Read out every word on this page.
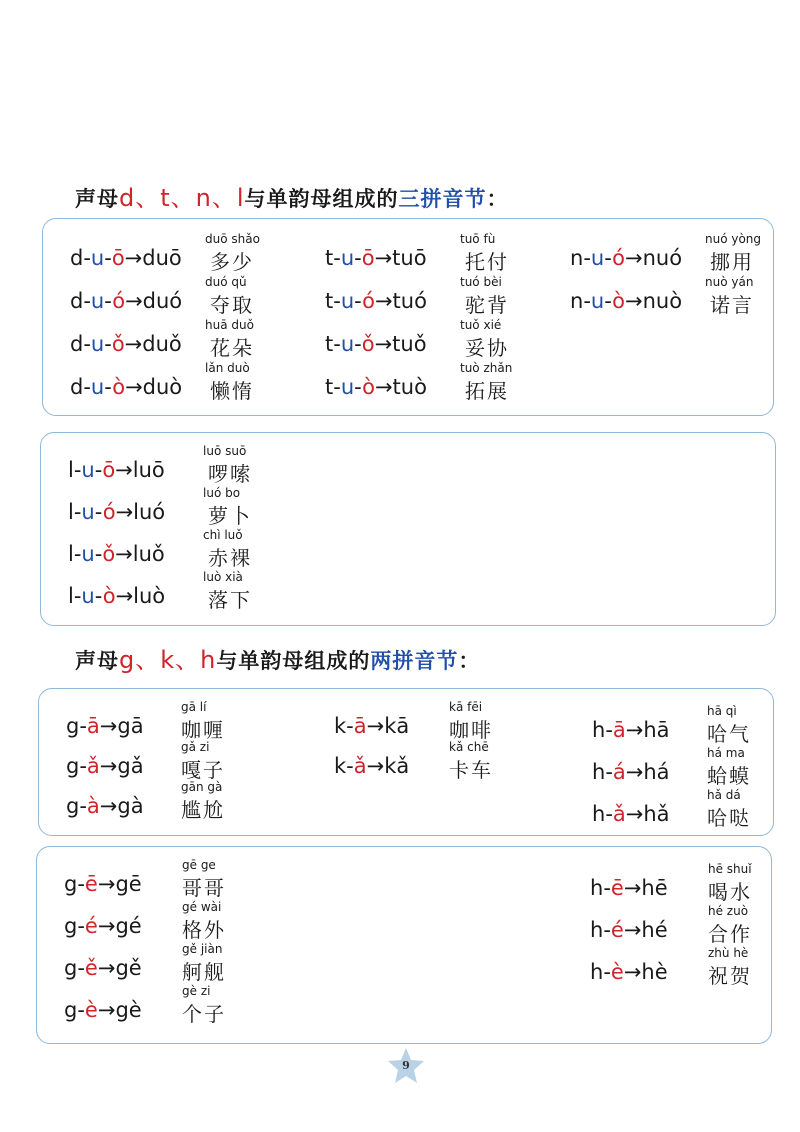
声母d、t、n、l与单韵母组成的三拼音节：
声母g、k、h与单韵母组成的两拼音节：
9
d-u-ō→duō
duō shǎo
多少
d-u-ó→duó
duó qǔ
夺取
d-u-ǒ→duǒ
huā duǒ
花朵
d-u-ò→duò
lǎn duò
懒惰
t-u-ō→tuō
tuō fù
托付
t-u-ó→tuó
tuó bèi
驼背
t-u-ǒ→tuǒ
tuǒ xié
妥协
t-u-ò→tuò
tuò zhǎn
拓展
n-u-ó→nuó
nuó yòng
挪用
n-u-ò→nuò
nuò yán
诺言
l-u-ō→luō
luō suō
啰嗦
l-u-ó→luó
luó bo
萝卜
l-u-ǒ→luǒ
chì luǒ
赤裸
l-u-ò→luò
luò xià
落下
g-ā→gā
gā lí
咖喱
g-ǎ→gǎ
gǎ zi
嘎子
g-à→gà
gān gà
尴尬
k-ā→kā
kā fēi
咖啡
k-ǎ→kǎ
kǎ chē
卡车
h-ā→hā
hā qì
哈气
h-á→há
há ma
蛤蟆
h-ǎ→hǎ
hǎ dá
哈哒
g-ē→gē
gē ge
哥哥
g-é→gé
gé wài
格外
g-ě→gě
gě jiàn
舸舰
g-è→gè
gè zi
个子
h-ē→hē
hē shuǐ
喝水
h-é→hé
hé zuò
合作
h-è→hè
zhù hè
祝贺
